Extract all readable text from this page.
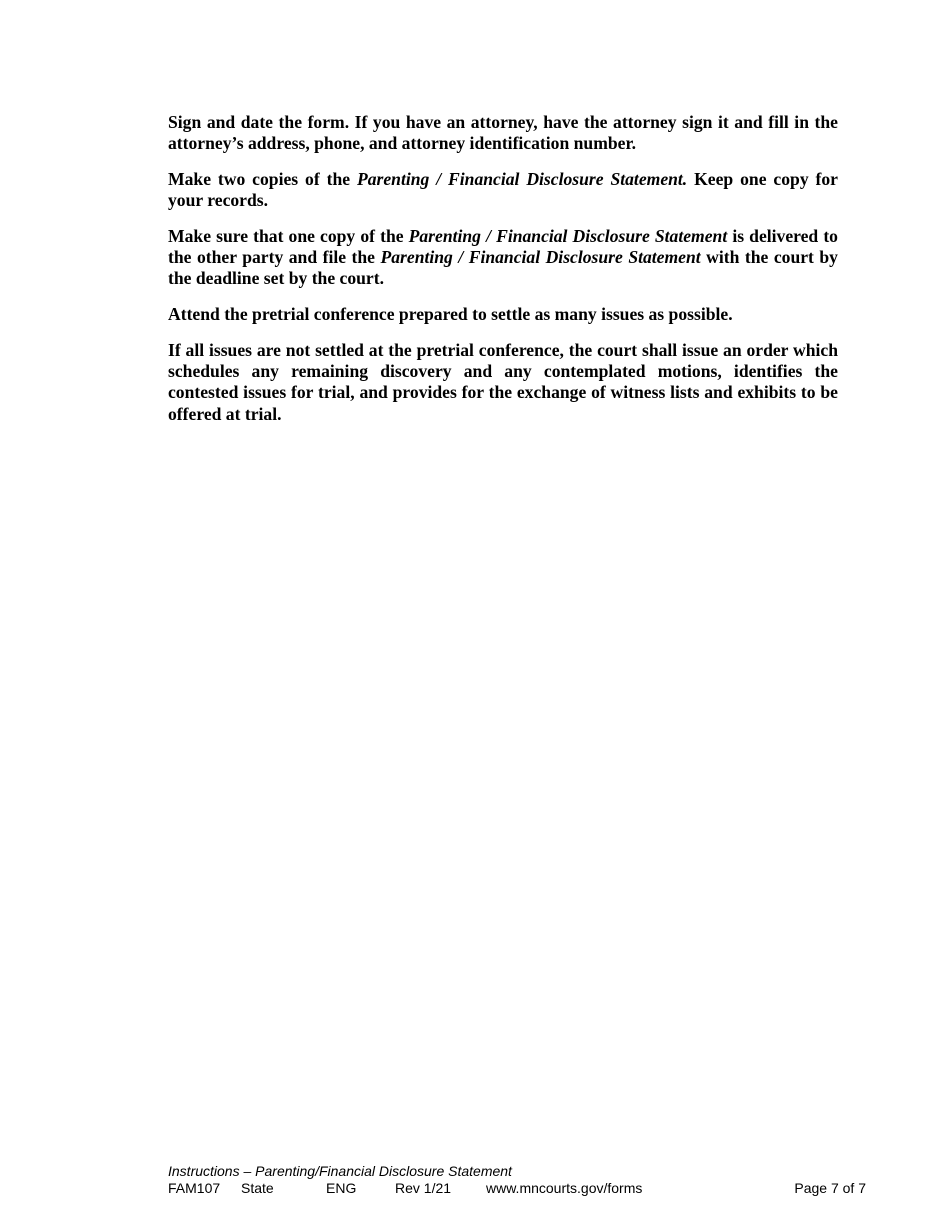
Sign and date the form. If you have an attorney, have the attorney sign it and fill in the attorney’s address, phone, and attorney identification number.

Make two copies of the Parenting / Financial Disclosure Statement. Keep one copy for your records.

Make sure that one copy of the Parenting / Financial Disclosure Statement is delivered to the other party and file the Parenting / Financial Disclosure Statement with the court by the deadline set by the court.

Attend the pretrial conference prepared to settle as many issues as possible.

If all issues are not settled at the pretrial conference, the court shall issue an order which schedules any remaining discovery and any contemplated motions, identifies the contested issues for trial, and provides for the exchange of witness lists and exhibits to be offered at trial.

Instructions – Parenting/Financial Disclosure Statement
FAM107 State	ENG	Rev 1/21 www.mncourts.gov/forms	Page 7 of 7
